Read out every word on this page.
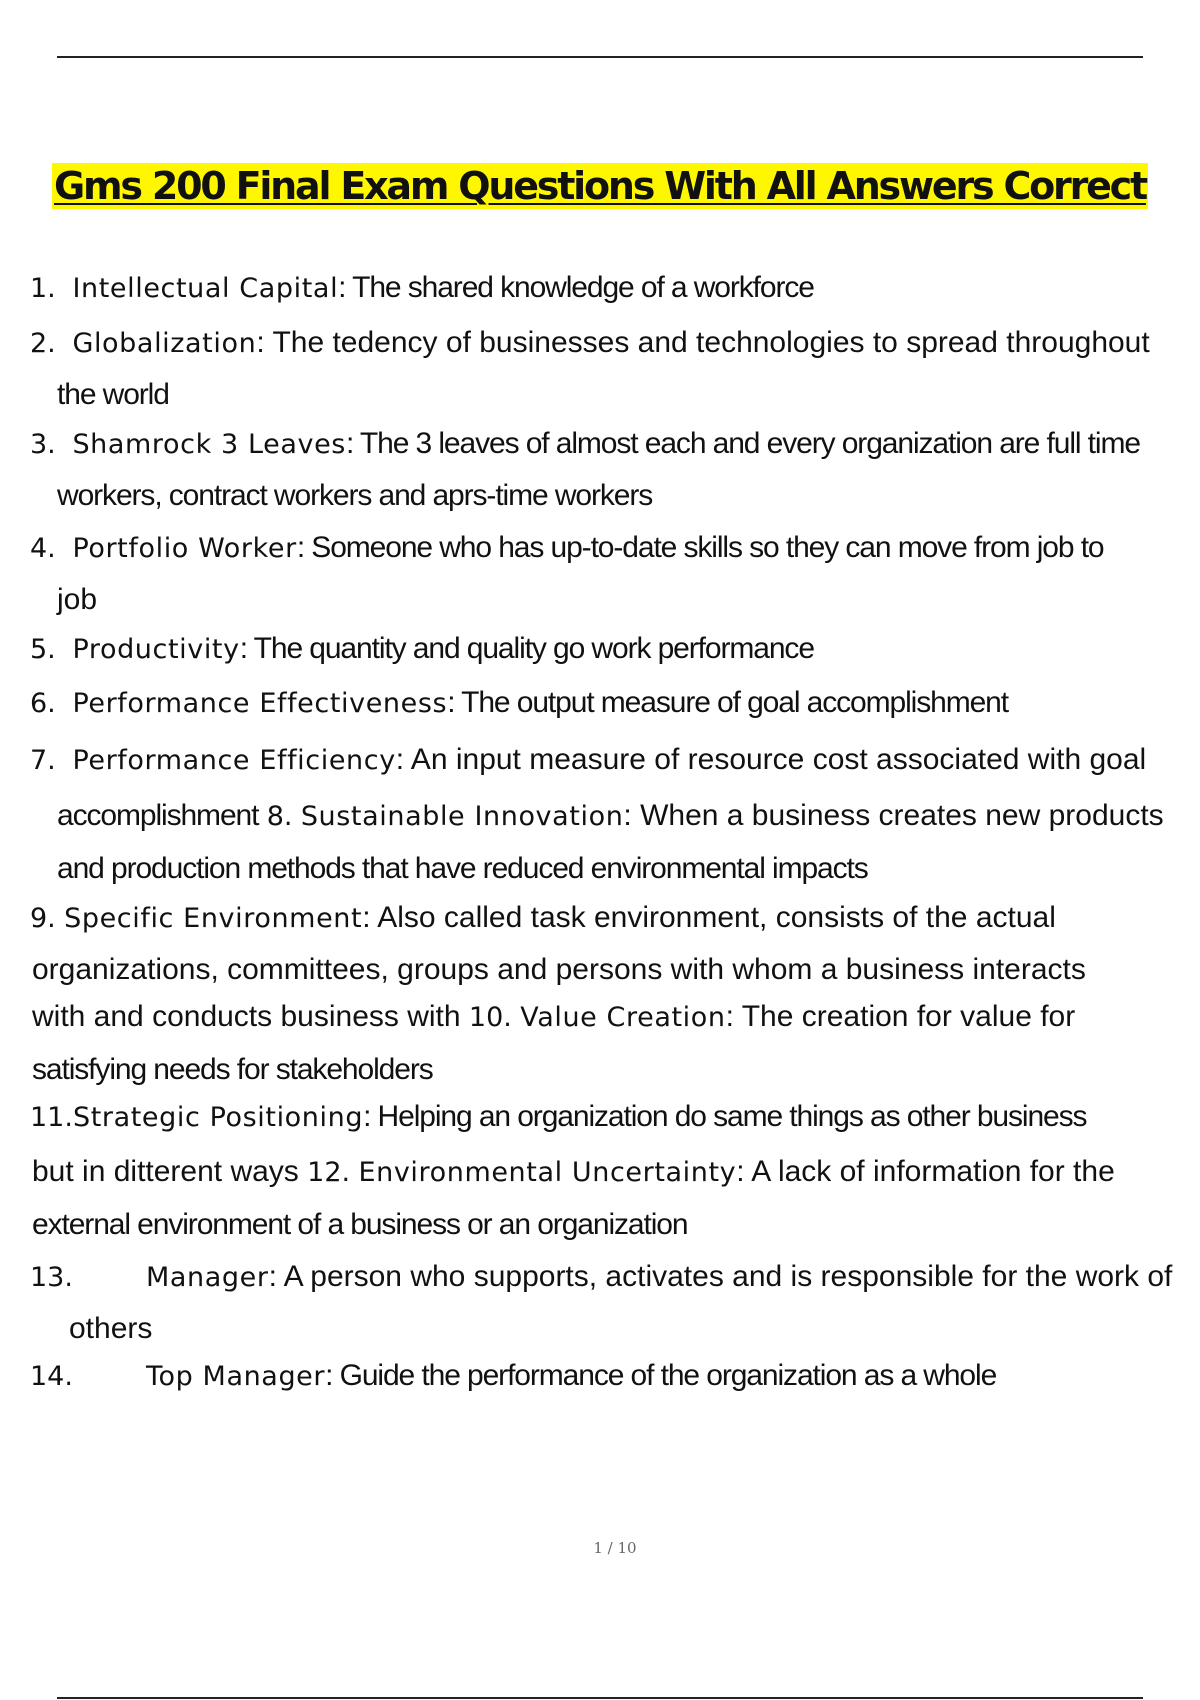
Gms 200 Final Exam Questions With All Answers Correct
1. Intellectual Capital: The shared knowledge of a workforce
2. Globalization: The tedency of businesses and technologies to spread throughout
the world
3. Shamrock 3 Leaves: The 3 leaves of almost each and every organization are full time
workers, contract workers and aprs-time workers
4. Portfolio Worker: Someone who has up-to-date skills so they can move from job to
job
5. Productivity: The quantity and quality go work performance
6. Performance Effectiveness: The output measure of goal accomplishment
7. Performance Efficiency: An input measure of resource cost associated with goal
accomplishment 8. Sustainable Innovation: When a business creates new products
and production methods that have reduced environmental impacts
9. Specific Environment: Also called task environment, consists of the actual
organizations, committees, groups and persons with whom a business interacts
with and conducts business with 10. Value Creation: The creation for value for
satisfying needs for stakeholders
11.Strategic Positioning: Helping an organization do same things as other business
but in ditterent ways 12. Environmental Uncertainty: A lack of information for the
external environment of a business or an organization
13.	Manager: A person who supports, activates and is responsible for the work of
others
14.	Top Manager: Guide the performance of the organization as a whole
1 / 10
